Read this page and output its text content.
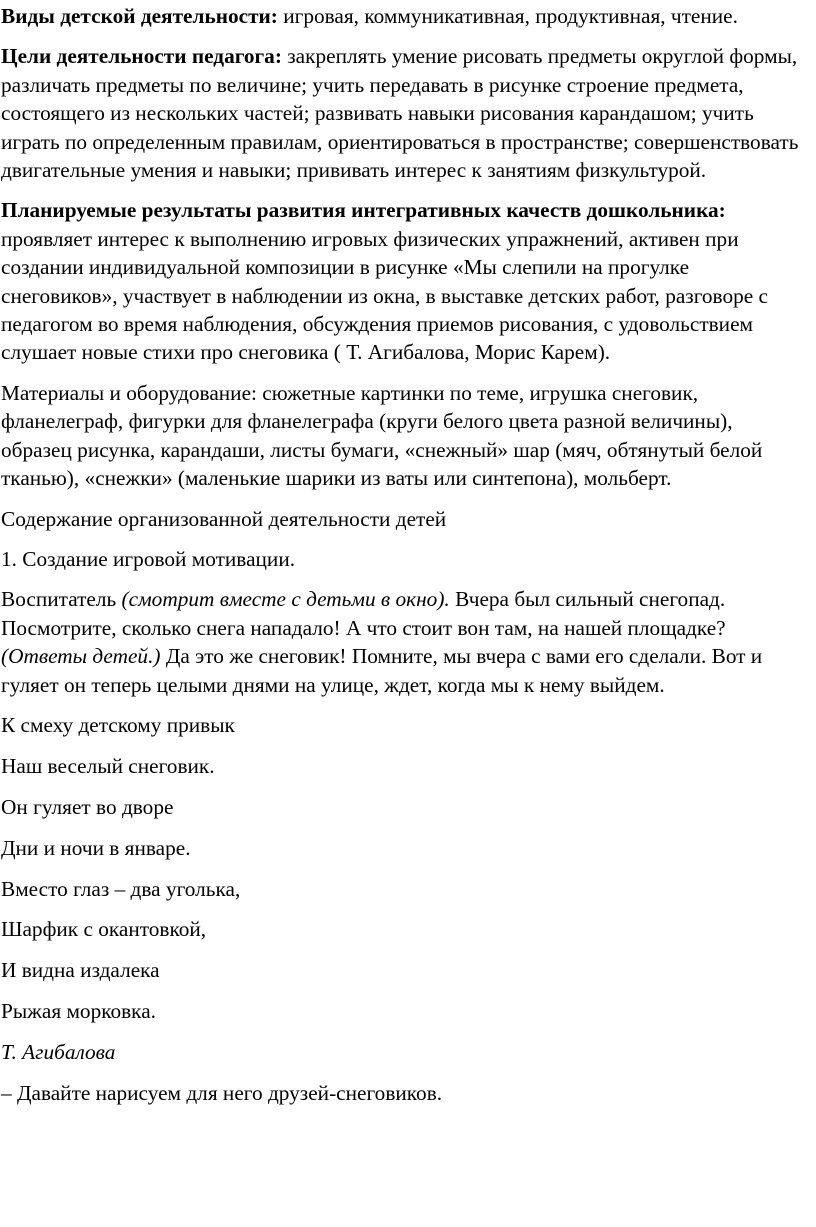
Виды детской деятельности: игровая, коммуникативная, продуктивная, чтение.

Цели деятельности педагога: закреплять умение рисовать предметы округлой формы, различать предметы по величине; учить передавать в рисунке строение предмета, состоящего из нескольких частей; развивать навыки рисования карандашом; учить играть по определенным правилам, ориентироваться в пространстве; совершенствовать двигательные умения и навыки; прививать интерес к занятиям физкультурой.

Планируемые результаты развития интегративных качеств дошкольника: проявляет интерес к выполнению игровых физических упражнений, активен при создании индивидуальной композиции в рисунке «Мы слепили на прогулке снеговиков», участвует в наблюдении из окна, в выставке детских работ, разговоре с педагогом во время наблюдения, обсуждения приемов рисования, с удовольствием слушает новые стихи про снеговика ( Т. Агибалова, Морис Карем).

Материалы и оборудование: сюжетные картинки по теме, игрушка снеговик, фланелеграф, фигурки для фланелеграфа (круги белого цвета разной величины), образец рисунка, карандаши, листы бумаги, «снежный» шар (мяч, обтянутый белой тканью), «снежки» (маленькие шарики из ваты или синтепона), мольберт.

Содержание организованной деятельности детей

1. Создание игровой мотивации.

Воспитатель (смотрит вместе с детьми в окно). Вчера был сильный снегопад. Посмотрите, сколько снега нападало! А что стоит вон там, на нашей площадке? (Ответы детей.) Да это же снеговик! Помните, мы вчера с вами его сделали. Вот и гуляет он теперь целыми днями на улице, ждет, когда мы к нему выйдем.

К смеху детскому привык

Наш веселый снеговик.

Он гуляет во дворе

Дни и ночи в январе.

Вместо глаз – два уголька,

Шарфик с окантовкой,

И видна издалека

Рыжая морковка.

Т. Агибалова

– Давайте нарисуем для него друзей-снеговиков.
